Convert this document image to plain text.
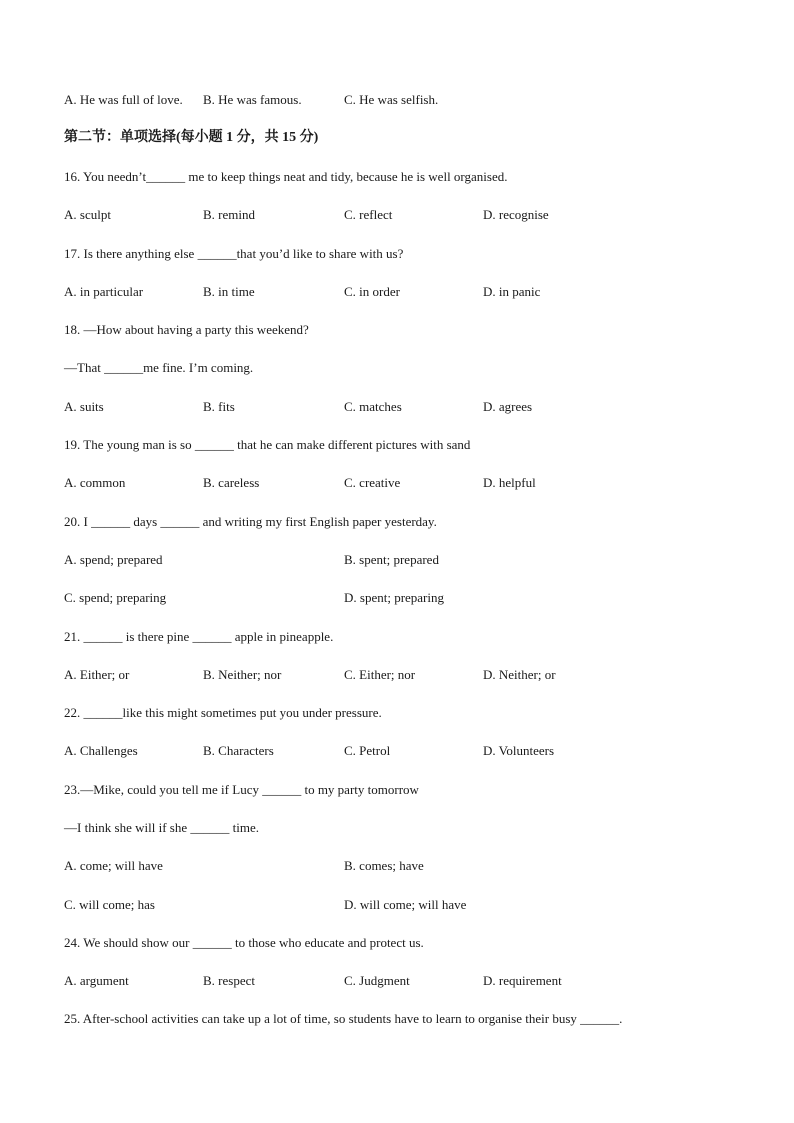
A. He was full of love. B. He was famous.	C. He was selfish.
第二节：单项选择(每小题 1 分，共 15 分)
16. You needn’t______ me to keep things neat and tidy, because he is well organised.
A. sculpt	B. remind	C. reflect	D. recognise
17. Is there anything else ______that you’d like to share with us?
A. in particular	B. in time	C. in order	D. in panic
18. —How about having a party this weekend?
—That ______me fine. I’m coming.
A. suits	B. fits	C. matches	D. agrees
19. The young man is so ______ that he can make different pictures with sand
A. common	B. careless	C. creative	D. helpful
20. I ______ days ______ and writing my first English paper yesterday.
A. spend; prepared	B. spent; prepared
C. spend; preparing	D. spent; preparing
21. ______ is there pine ______ apple in pineapple.
A. Either; or	B. Neither; nor	C. Either; nor	D. Neither; or
22. ______like this might sometimes put you under pressure.
A. Challenges	B. Characters	C. Petrol	D. Volunteers
23.—Mike, could you tell me if Lucy ______ to my party tomorrow
—I think she will if she ______ time.
A. come; will have	B. comes; have
C. will come; has	D. will come; will have
24. We should show our ______ to those who educate and protect us.
A. argument	B. respect	C. Judgment	D. requirement
25. After-school activities can take up a lot of time, so students have to learn to organise their busy ______.
